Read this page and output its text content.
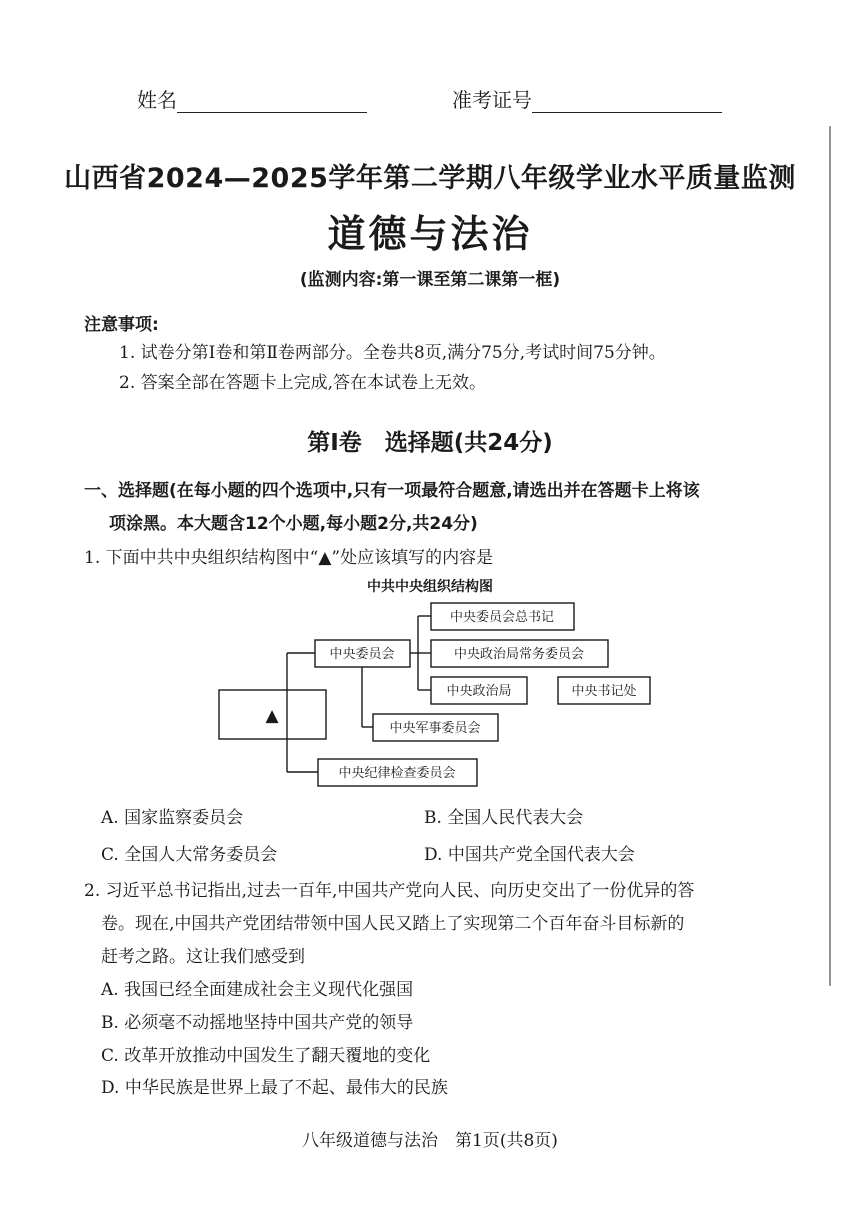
姓名	准考证号
山西省2024—2025学年第二学期八年级学业水平质量监测
道德与法治
(监测内容:第一课至第二课第一框)
注意事项:
1. 试卷分第Ⅰ卷和第Ⅱ卷两部分。全卷共8页,满分75分,考试时间75分钟。
2. 答案全部在答题卡上完成,答在本试卷上无效。
第Ⅰ卷　选择题(共24分)
一、选择题(在每小题的四个选项中,只有一项最符合题意,请选出并在答题卡上将该
项涂黑。本大题含12个小题,每小题2分,共24分)
1. 下面中共中央组织结构图中“▲”处应该填写的内容是
中共中央组织结构图
▲
中央委员会
中央委员会总书记
中央政治局常务委员会
中央政治局	中央书记处
中央军事委员会
中央纪律检查委员会
A. 国家监察委员会	B. 全国人民代表大会
C. 全国人大常务委员会	D. 中国共产党全国代表大会
2. 习近平总书记指出,过去一百年,中国共产党向人民、向历史交出了一份优异的答
卷。现在,中国共产党团结带领中国人民又踏上了实现第二个百年奋斗目标新的
赶考之路。这让我们感受到
A. 我国已经全面建成社会主义现代化强国
B. 必须毫不动摇地坚持中国共产党的领导
C. 改革开放推动中国发生了翻天覆地的变化
D. 中华民族是世界上最了不起、最伟大的民族
八年级道德与法治　第1页(共8页)
